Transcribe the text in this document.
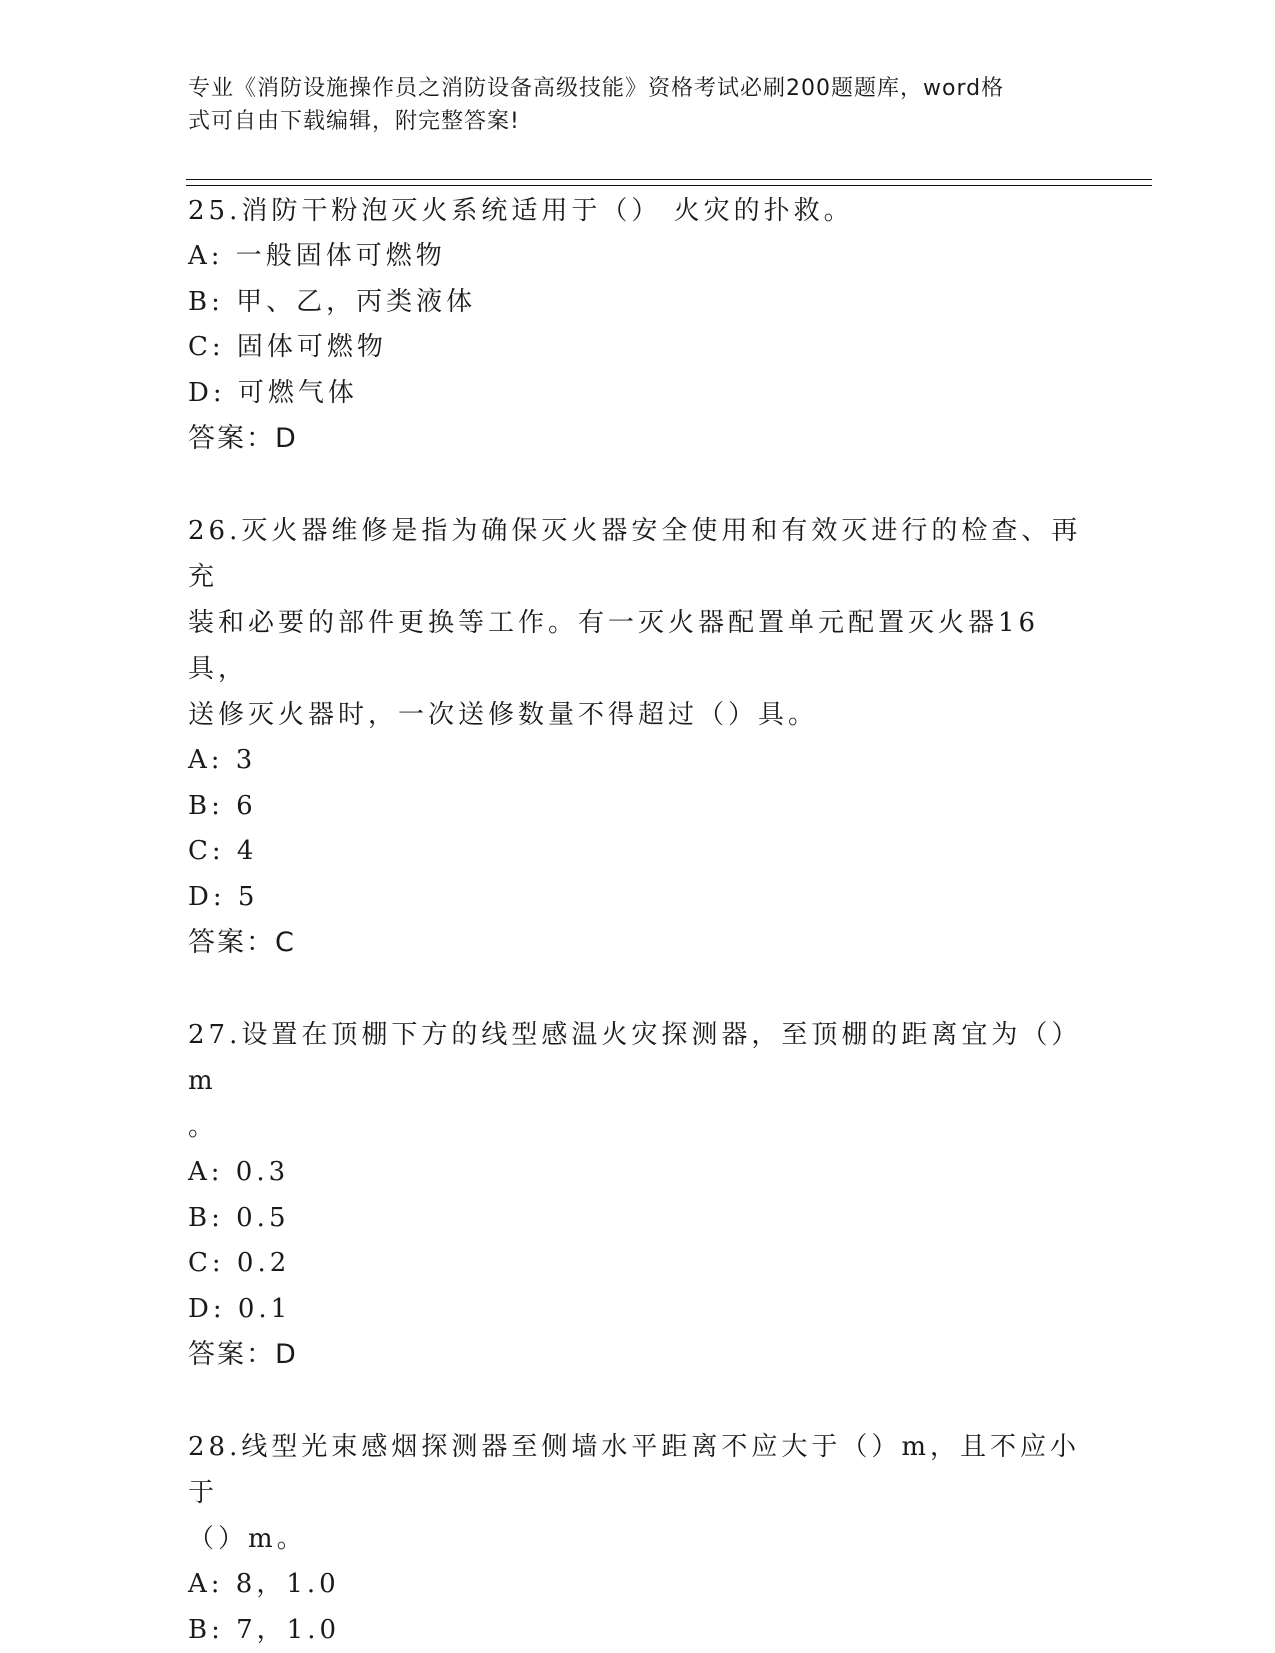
专业《消防设施操作员之消防设备高级技能》资格考试必刷200题题库，word格
式可自由下载编辑，附完整答案!
25.消防干粉泡灭火系统适用于（） 火灾的扑救。
A: 一般固体可燃物
B: 甲、乙，丙类液体
C: 固体可燃物
D: 可燃气体
答案：D
26.灭火器维修是指为确保灭火器安全使用和有效灭进行的检查、再充
装和必要的部件更换等工作。有一灭火器配置单元配置灭火器16具，
送修灭火器时，一次送修数量不得超过（）具。
A: 3
B: 6
C: 4
D: 5
答案：C
27.设置在顶棚下方的线型感温火灾探测器，至顶棚的距离宜为（）m
。
A: 0.3
B: 0.5
C: 0.2
D: 0.1
答案：D
28.线型光束感烟探测器至侧墙水平距离不应大于（）m，且不应小于
（）m。
A: 8，1.0
B: 7，1.0
